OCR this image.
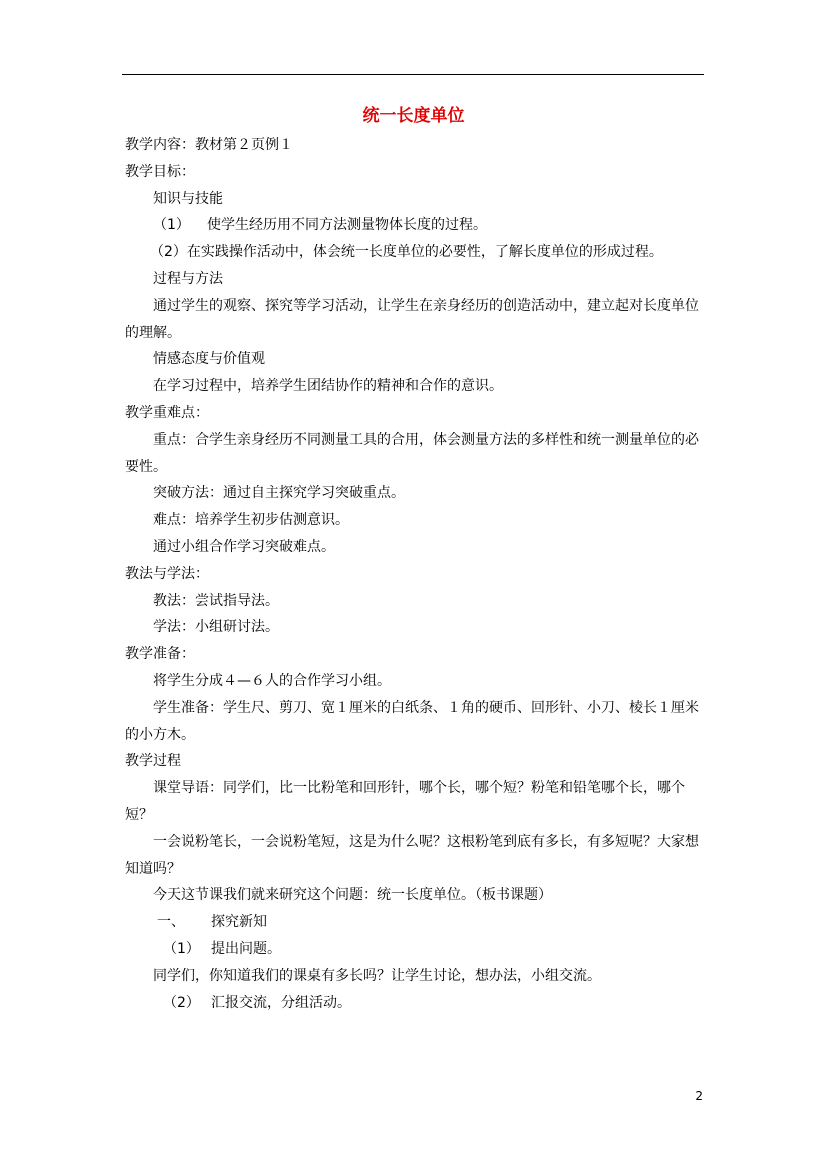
统一长度单位

教学内容：教材第２页例１

教学目标：

知识与技能

（1） 使学生经历用不同方法测量物体长度的过程。

（2）在实践操作活动中，体会统一长度单位的必要性，了解长度单位的形成过程。

过程与方法

通过学生的观察、探究等学习活动，让学生在亲身经历的创造活动中，建立起对长度单位的理解。

情感态度与价值观

在学习过程中，培养学生团结协作的精神和合作的意识。

教学重难点：

重点：合学生亲身经历不同测量工具的合用，体会测量方法的多样性和统一测量单位的必要性。

突破方法：通过自主探究学习突破重点。

难点：培养学生初步估测意识。

通过小组合作学习突破难点。

教法与学法：

教法：尝试指导法。

学法：小组研讨法。

教学准备：

将学生分成４—６人的合作学习小组。

学生准备：学生尺、剪刀、宽１厘米的白纸条、１角的硬币、回形针、小刀、棱长１厘米的小方木。

教学过程

课堂导语：同学们，比一比粉笔和回形针，哪个长，哪个短？粉笔和铅笔哪个长，哪个短？

一会说粉笔长，一会说粉笔短，这是为什么呢？这根粉笔到底有多长，有多短呢？大家想知道吗？

今天这节课我们就来研究这个问题：统一长度单位。（板书课题）

一、 探究新知

（1） 提出问题。

同学们，你知道我们的课桌有多长吗？让学生讨论，想办法，小组交流。

（2） 汇报交流，分组活动。

2
